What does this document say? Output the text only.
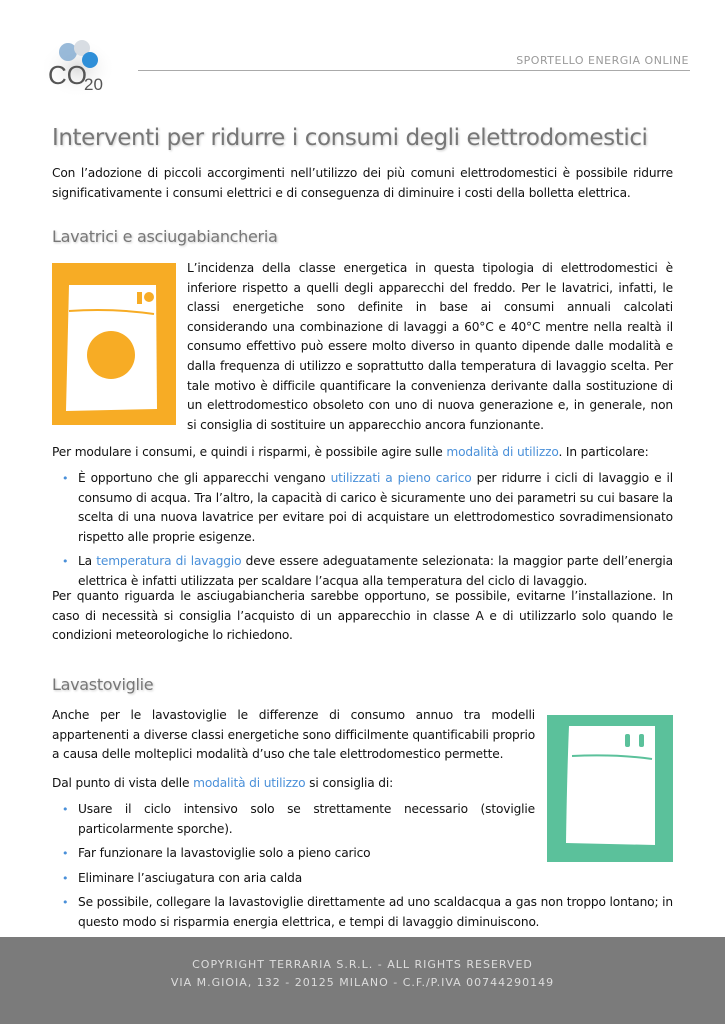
CO
20
SPORTELLO ENERGIA ONLINE
Interventi per ridurre i consumi degli elettrodomestici
Con l’adozione di piccoli accorgimenti nell’utilizzo dei più comuni elettrodomestici è possibile ridurre significativamente i consumi elettrici e di conseguenza di diminuire i costi della bolletta elettrica.
Lavatrici e asciugabiancheria
L’incidenza della classe energetica in questa tipologia di elettrodomestici è inferiore rispetto a quelli degli apparecchi del freddo. Per le lavatrici, infatti, le classi energetiche sono definite in base ai consumi annuali calcolati considerando una combinazione di lavaggi a 60°C e 40°C mentre nella realtà il consumo effettivo può essere molto diverso in quanto dipende dalle modalità e dalla frequenza di utilizzo e soprattutto dalla temperatura di lavaggio scelta. Per tale motivo è difficile quantificare la convenienza derivante dalla sostituzione di un elettrodomestico obsoleto con uno di nuova generazione e, in generale, non si consiglia di sostituire un apparecchio ancora funzionante.
Per modulare i consumi, e quindi i risparmi, è possibile agire sulle modalità di utilizzo. In particolare:
• È opportuno che gli apparecchi vengano utilizzati a pieno carico per ridurre i cicli di lavaggio e il consumo di acqua. Tra l’altro, la capacità di carico è sicuramente uno dei parametri su cui basare la scelta di una nuova lavatrice per evitare poi di acquistare un elettrodomestico sovradimensionato rispetto alle proprie esigenze.
• La temperatura di lavaggio deve essere adeguatamente selezionata: la maggior parte dell’energia elettrica è infatti utilizzata per scaldare l’acqua alla temperatura del ciclo di lavaggio.
Per quanto riguarda le asciugabiancheria sarebbe opportuno, se possibile, evitarne l’installazione. In caso di necessità si consiglia l’acquisto di un apparecchio in classe A e di utilizzarlo solo quando le condizioni meteorologiche lo richiedono.
Lavastoviglie
Anche per le lavastoviglie le differenze di consumo annuo tra modelli appartenenti a diverse classi energetiche sono difficilmente quantificabili proprio a causa delle molteplici modalità d’uso che tale elettrodomestico permette.
Dal punto di vista delle modalità di utilizzo si consiglia di:
• Usare il ciclo intensivo solo se strettamente necessario (stoviglie particolarmente sporche).
• Far funzionare la lavastoviglie solo a pieno carico
• Eliminare l’asciugatura con aria calda
• Se possibile, collegare la lavastoviglie direttamente ad uno scaldacqua a gas non troppo lontano; in questo modo si risparmia energia elettrica, e tempi di lavaggio diminuiscono.
COPYRIGHT TERRARIA S.R.L. - ALL RIGHTS RESERVED
VIA M.GIOIA, 132 - 20125 MILANO - C.F./P.IVA 00744290149
